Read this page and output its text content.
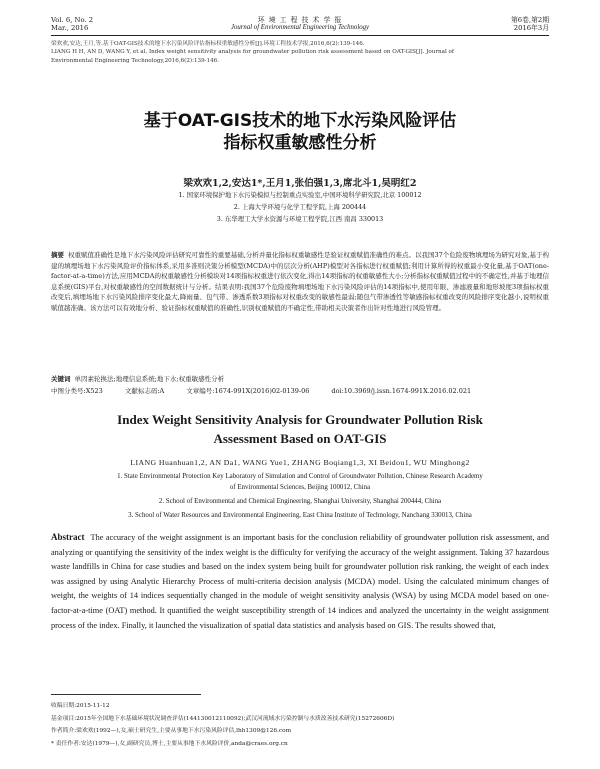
Vol. 6, No. 2
Mar., 2016
环 境 工 程 技 术 学 报
Journal of Environmental Engineering Technology
第6卷,第2期
2016年3月
梁欢欢,安达,王月,等.基于OAT-GIS技术的地下水污染风险评估指标权重敏感性分析[J].环境工程技术学报,2016,6(2):139-146.
LIANG H H, AN D, WANG Y, et al. Index weight sensitivity analysis for groundwater pollution risk assessment based on OAT-GIS[J]. Journal of
Environmental Engineering Technology,2016,6(2):139-146.
基于OAT-GIS技术的地下水污染风险评估
指标权重敏感性分析
梁欢欢1,2,安达1*,王月1,张伯强1,3,席北斗1,吴明红2
1. 国家环境保护地下水污染模拟与控制重点实验室,中国环境科学研究院,北京 100012
2. 上海大学环境与化学工程学院,上海 200444
3. 东华理工大学水资源与环境工程学院,江西 南昌 330013
摘要 权重赋值准确性是地下水污染风险评估研究可靠性的重要基础,分析并量化指标权重敏感性是验证权重赋值准确性的难点。以我国37个危险废物填埋场为研究对象,基于构建的填埋场地下水污染风险评价指标体系,采用多准则决策分析模型(MCDA)中的层次分析(AHP)模型对各指标进行权重赋值;利用计算所得的权重最小变化量,基于OAT(one-factor-at-a-time)方法,应用MCDA的权重敏感性分析模块对14项指标权重进行依次变化,得出14项指标的权重敏感性大小;分析指标权重赋值过程中的不确定性,并基于地理信息系统(GIS)平台,对权重敏感性的空间数据统计与分析。结果表明:我国37个危险废物填埋场地下水污染风险评估的14项指标中,使用年限、渗滤液量和地形坡度3项指标权重改变后,填埋场地下水污染风险排序变化最大,降雨量、包气带、渗透系数3项指标对权重改变的敏感性最弱;随包气带渗透性等敏感指标权重改变的风险排序变化越小,说明权重赋值越准确。该方法可以有效地分析、验证指标权重赋值的准确性,识别权重赋值的不确定性,带助相关决策者作出针对性地进行风险管理。
关键词 单因素轮换法;地理信息系统;地下水;权重敏感性分析
中图分类号:X523	文献标志码:A	文章编号:1674-991X(2016)02-0139-06	doi:10.3969/j.issn.1674-991X.2016.02.021
Index Weight Sensitivity Analysis for Groundwater Pollution Risk
Assessment Based on OAT-GIS
LIANG Huanhuan1,2, AN Da1, WANG Yue1, ZHANG Boqiang1,3, XI Beidou1, WU Minghong2
1. State Environmental Protection Key Laboratory of Simulation and Control of Groundwater Pollution, Chinese Research Academy
of Environmental Sciences, Beijing 100012, China
2. School of Environmental and Chemical Engineering, Shanghai University, Shanghai 200444, China
3. School of Water Resources and Environmental Engineering, East China Institute of Technology, Nanchang 330013, China
Abstract The accuracy of the weight assignment is an important basis for the conclusion reliability of groundwater pollution risk assessment, and analyzing or quantifying the sensitivity of the index weight is the difficulty for verifying the accuracy of the weight assignment. Taking 37 hazardous waste landfills in China for case studies and based on the index system being built for groundwater pollution risk ranking, the weight of each index was assigned by using Analytic Hierarchy Process of multi-criteria decision analysis (MCDA) model. Using the calculated minimum changes of weight, the weights of 14 indices sequentially changed in the module of weight sensitivity analysis (WSA) by using MCDA model based on one-factor-at-a-time (OAT) method. It quantified the weight susceptibility strength of 14 indices and analyzed the uncertainty in the weight assignment process of the index. Finally, it launched the visualization of spatial data statistics and analysis based on GIS. The results showed that,
收稿日期:2015-11-12
基金项目:2015年全国地下水基础环境状况调查评估(144130012110092);武汉河流域水污染控制与水质改善技术研究(15272606D)
作者简介:梁欢欢(1992—),女,硕士研究生,主要从事地下水污染风险评估,lhh1309@126.com
* 责任作者:安达(1979—),女,副研究员,博士,主要从事地下水风险评价,anda@craes.org.cn
